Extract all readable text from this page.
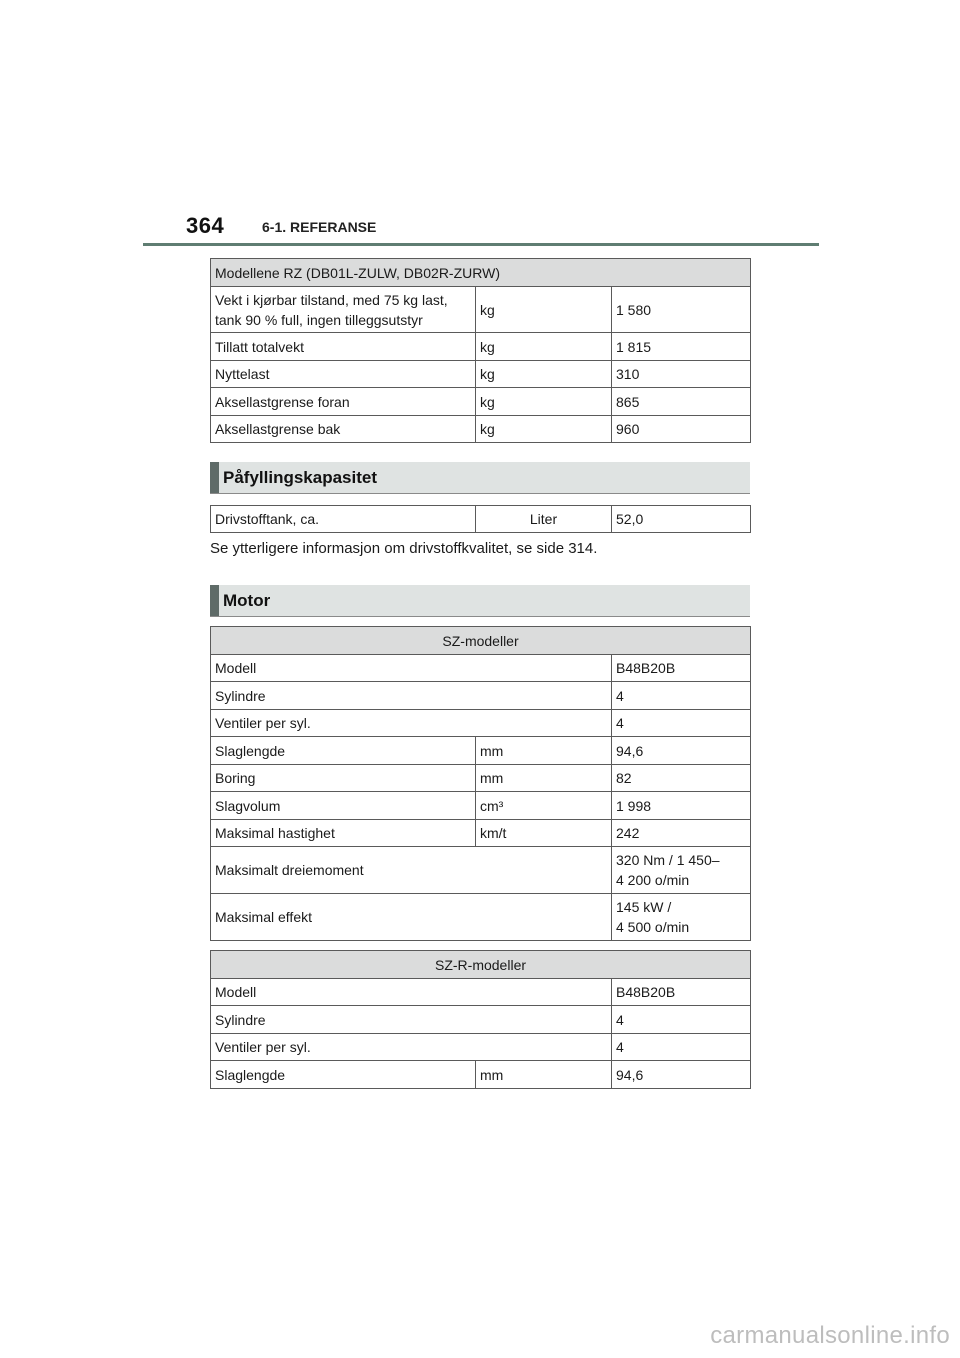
364	6-1. REFERANSE
Modellene RZ (DB01L-ZULW, DB02R-ZURW)		

Vekt i kjørbar tilstand, med 75 kg last,
tank 90 % full, ingen tilleggsutstyr	kg	1 580
Tillatt totalvekt	kg	1 815
Nyttelast	kg	310
Aksellastgrense foran	kg	865
Aksellastgrense bak	kg	960
Påfyllingskapasitet
Drivstofftank, ca.	Liter	52,0
Se ytterligere informasjon om drivstoffkvalitet, se side 314.
Motor
SZ-modeller		
Modell		B48B20B
Sylindre		4
Ventiler per syl.		4
Slaglengde	mm	94,6
Boring	mm	82
Slagvolum	cm³	1 998
Maksimal hastighet	km/t	242
Maksimalt dreiemoment		320 Nm / 1 450–
4 200 o/min

Maksimal effekt		145 kW /
4 500 o/min
SZ-R-modeller		
Modell		B48B20B
Sylindre		4
Ventiler per syl.		4
Slaglengde	mm	94,6
carmanualsonline.info
